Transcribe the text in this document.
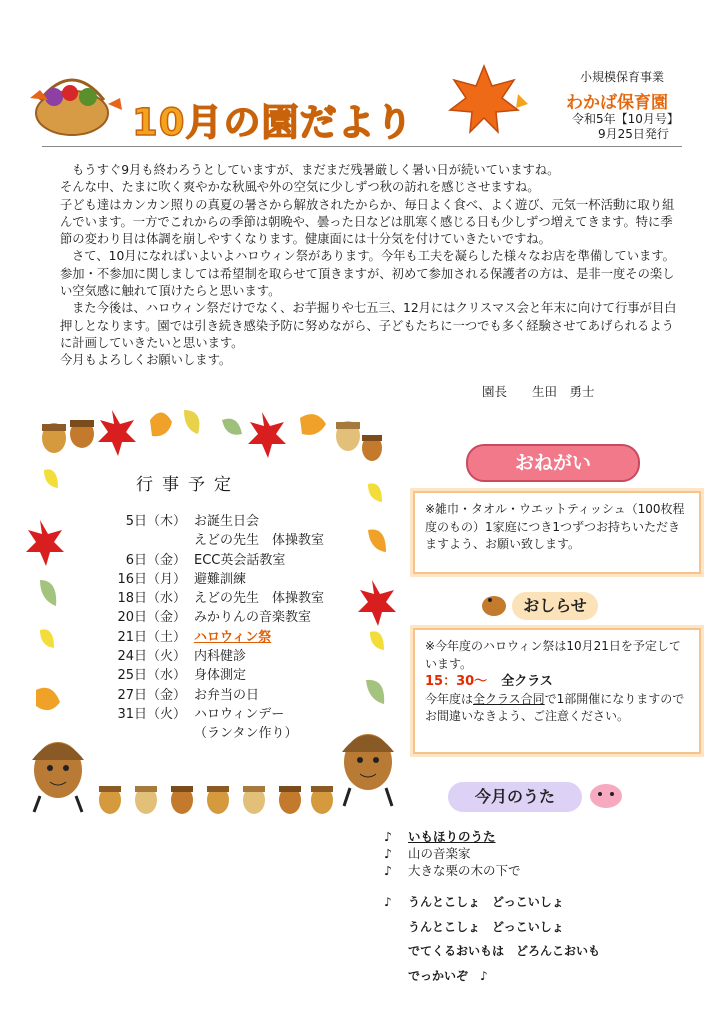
10月の園だより
小規模保育事業
わかば保育園
令和5年【10月号】
9月25日発行

もうすぐ9月も終わろうとしていますが、まだまだ残暑厳しく暑い日が続いていますね。

そんな中、たまに吹く爽やかな秋風や外の空気に少しずつ秋の訪れを感じさせますね。

子ども達はカンカン照りの真夏の暑さから解放されたからか、毎日よく食べ、よく遊び、元気一杯活動に取り組んでいます。一方でこれからの季節は朝晩や、曇った日などは肌寒く感じる日も少しずつ増えてきます。特に季節の変わり目は体調を崩しやすくなります。健康面には十分気を付けていきたいですね。

さて、10月になればいよいよハロウィン祭があります。今年も工夫を凝らした様々なお店を準備しています。　参加・不参加に関しましては希望制を取らせて頂きますが、初めて参加される保護者の方は、是非一度その楽しい空気感に触れて頂けたらと思います。

また今後は、ハロウィン祭だけでなく、お芋掘りや七五三、12月にはクリスマス会と年末に向けて行事が目白押しとなります。園では引き続き感染予防に努めながら、子どもたちに一つでも多く経験させてあげられるように計画していきたいと思います。

今月もよろしくお願いします。

園長　　生田　勇士
行事予定
5日（木） お誕生日会
えどの先生　体操教室
6日（金） ECC英会話教室
16日（月） 避難訓練
18日（水） えどの先生　体操教室
20日（金） みかりんの音楽教室
21日（土） ハロウィン祭
24日（火） 内科健診
25日（水） 身体測定
27日（金） お弁当の日
31日（火） ハロウィンデー
（ランタン作り）
おねがい
※雑巾・タオル・ウエットティッシュ（100枚程度のもの）1家庭につき1つずつお持ちいただきますよう、お願い致します。
おしらせ
※今年度のハロウィン祭は10月21日を予定しています。
15：30～ 全クラス
今年度は全クラス合同で1部開催になりますのでお間違いなきよう、ご注意ください。
今月のうた
♪ いもほりのうた
♪ 山の音楽家
♪ 大きな栗の木の下で
♪ うんとこしょ　どっこいしょ
うんとこしょ　どっこいしょ
でてくるおいもは　どろんこおいも
でっかいぞ　♪
